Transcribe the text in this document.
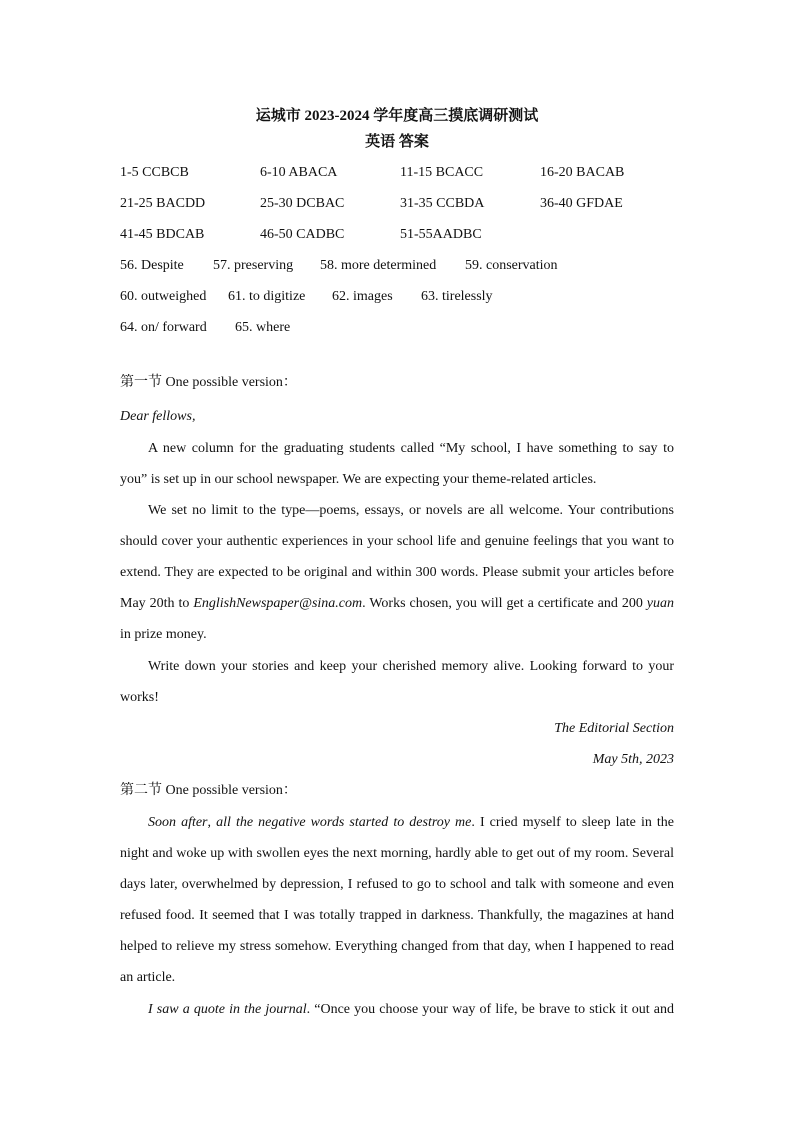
运城市 2023-2024 学年度高三摸底调研测试
英语 答案
1-5 CCBCB	6-10 ABACA	11-15 BCACC	16-20 BACAB
21-25 BACDD	25-30 DCBAC	31-35 CCBDA	36-40 GFDAE
41-45 BDCAB	46-50 CADBC	51-55AADBC
56. Despite 57. preserving 58. more determined 59. conservation
60. outweighed 61. to digitize 62. images 63. tirelessly
64. on/ forward 65. where
第一节 One possible version：
Dear fellows,
A new column for the graduating students called “My school, I have something to say to
you” is set up in our school newspaper. We are expecting your theme-related articles.
We set no limit to the type—poems, essays, or novels are all welcome. Your contributions
should cover your authentic experiences in your school life and genuine feelings that you want to
extend. They are expected to be original and within 300 words. Please submit your articles before
May 20th to EnglishNewspaper@sina.com. Works chosen, you will get a certificate and 200 yuan
in prize money.
Write down your stories and keep your cherished memory alive. Looking forward to your
works!
The Editorial Section
May 5th, 2023
第二节 One possible version：
Soon after, all the negative words started to destroy me. I cried myself to sleep late in the
night and woke up with swollen eyes the next morning, hardly able to get out of my room. Several
days later, overwhelmed by depression, I refused to go to school and talk with someone and even
refused food. It seemed that I was totally trapped in darkness. Thankfully, the magazines at hand
helped to relieve my stress somehow. Everything changed from that day, when I happened to read
an article.
I saw a quote in the journal. “Once you choose your way of life, be brave to stick it out and
